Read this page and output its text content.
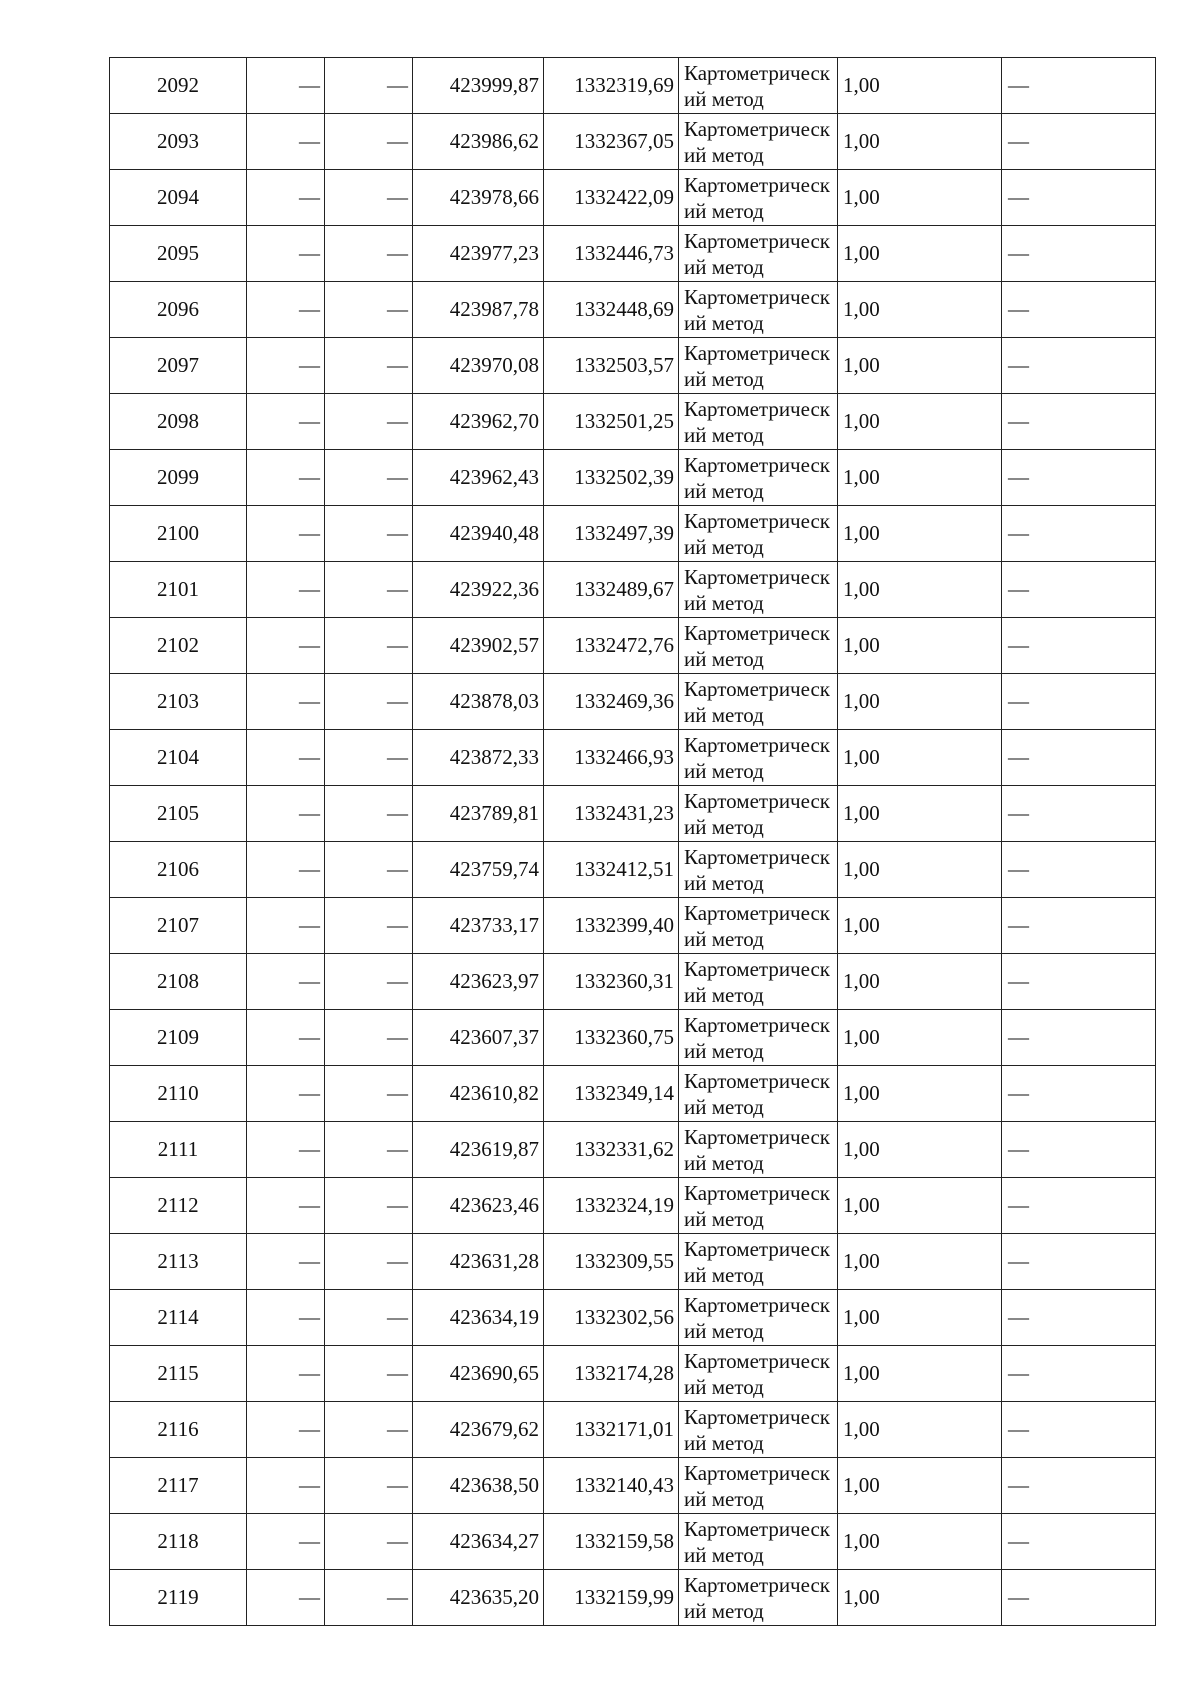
2092	—	—	423999,87	1332319,69	Картометрический метод	1,00	—
2093	—	—	423986,62	1332367,05	Картометрический метод	1,00	—
2094	—	—	423978,66	1332422,09	Картометрический метод	1,00	—
2095	—	—	423977,23	1332446,73	Картометрический метод	1,00	—
2096	—	—	423987,78	1332448,69	Картометрический метод	1,00	—
2097	—	—	423970,08	1332503,57	Картометрический метод	1,00	—
2098	—	—	423962,70	1332501,25	Картометрический метод	1,00	—
2099	—	—	423962,43	1332502,39	Картометрический метод	1,00	—
2100	—	—	423940,48	1332497,39	Картометрический метод	1,00	—
2101	—	—	423922,36	1332489,67	Картометрический метод	1,00	—
2102	—	—	423902,57	1332472,76	Картометрический метод	1,00	—
2103	—	—	423878,03	1332469,36	Картометрический метод	1,00	—
2104	—	—	423872,33	1332466,93	Картометрический метод	1,00	—
2105	—	—	423789,81	1332431,23	Картометрический метод	1,00	—
2106	—	—	423759,74	1332412,51	Картометрический метод	1,00	—
2107	—	—	423733,17	1332399,40	Картометрический метод	1,00	—
2108	—	—	423623,97	1332360,31	Картометрический метод	1,00	—
2109	—	—	423607,37	1332360,75	Картометрический метод	1,00	—
2110	—	—	423610,82	1332349,14	Картометрический метод	1,00	—
2111	—	—	423619,87	1332331,62	Картометрический метод	1,00	—
2112	—	—	423623,46	1332324,19	Картометрический метод	1,00	—
2113	—	—	423631,28	1332309,55	Картометрический метод	1,00	—
2114	—	—	423634,19	1332302,56	Картометрический метод	1,00	—
2115	—	—	423690,65	1332174,28	Картометрический метод	1,00	—
2116	—	—	423679,62	1332171,01	Картометрический метод	1,00	—
2117	—	—	423638,50	1332140,43	Картометрический метод	1,00	—
2118	—	—	423634,27	1332159,58	Картометрический метод	1,00	—
2119	—	—	423635,20	1332159,99	Картометрический метод	1,00	—
